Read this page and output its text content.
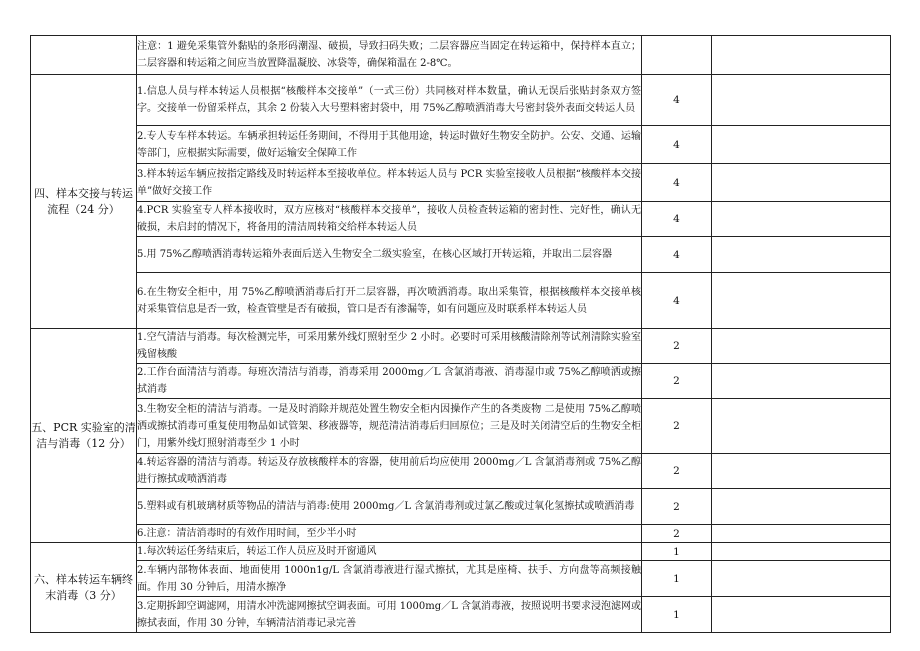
	注意：1 避免采集管外黏贴的条形码潮湿、破损，导致扫码失败；二层容器应当固定在转运箱中，保持样本直立；二层容器和转运箱之间应当放置降温凝胶、冰袋等，确保箱温在 2-8℃。		
四、样本交接与转运流程（24 分）	1.信息人员与样本转运人员根据“核酸样本交接单”（一式三份）共同核对样本数量，确认无误后张贴封条双方签字。交接单一份留采样点，其余 2 份装入大号塑料密封袋中，用 75%乙醇喷洒消毒大号密封袋外表面交转运人员	4	
	2.专人专车样本转运。车辆承担转运任务期间，不得用于其他用途，转运时做好生物安全防护。公安、交通、运输等部门，应根据实际需要，做好运输安全保障工作	4	
	3.样本转运车辆应按指定路线及时转运样本至接收单位。样本转运人员与 PCR 实验室接收人员根据“核酸样本交接单”做好交接工作	4	
	4.PCR 实验室专人样本接收时，双方应核对“核酸样本交接单”，接收人员检查转运箱的密封性、完好性，确认无破损，未启封的情况下，将备用的清洁周转箱交给样本转运人员	4	
	5.用 75%乙醇喷洒消毒转运箱外表面后送入生物安全二级实验室，在核心区域打开转运箱，并取出二层容器	4	
	6.在生物安全柜中，用 75%乙醇喷洒消毒后打开二层容器，再次喷洒消毒。取出采集管，根据核酸样本交接单核对采集管信息是否一致，检查管壁是否有破损，管口是否有渗漏等，如有问题应及时联系样本转运人员	4	
五、PCR 实验室的清洁与消毒（12 分）	1.空气清洁与消毒。每次检测完毕，可采用紫外线灯照射至少 2 小时。必要时可采用核酸清除剂等试剂清除实验室残留核酸	2	
	2.工作台面清洁与消毒。每班次清洁与消毒，消毒采用 2000mg／L 含氯消毒液、消毒湿巾或 75%乙醇喷洒或擦拭消毒	2	
	3.生物安全柜的清洁与消毒。一是及时消除并规范处置生物安全柜内因操作产生的各类废物 二是使用 75%乙醇喷洒或擦拭消毒可重复使用物品如试管架、移液器等，规范清洁消毒后归回原位；三是及时关闭清空后的生物安全柜门，用紫外线灯照射消毒至少 1 小时	2	
	4.转运容器的清洁与消毒。转运及存放核酸样本的容器，使用前后均应使用 2000mg／L 含氯消毒剂或 75%乙醇进行擦拭或喷洒消毒	2	
	5.塑料或有机玻璃材质等物品的清洁与消毒:使用 2000mg／L 含氯消毒剂或过氯乙酸或过氧化氢擦拭或喷洒消毒	2	
	6.注意：清洁消毒时的有效作用时间，至少半小时	2	
六、样本转运车辆终末消毒（3 分）	1.每次转运任务结束后，转运工作人员应及时开窗通风	1	
	2.车辆内部物体表面、地面使用 1000n1g/L 含氯消毒液进行湿式擦拭，尤其是座椅、扶手、方向盘等高频接触面。作用 30 分钟后，用清水擦净	1	
	3.定期拆卸空调滤网，用清水冲洗滤网擦拭空调表面。可用 1000mg／L 含氯消毒液，按照说明书要求浸泡滤网或擦拭表面，作用 30 分钟，车辆清洁消毒记录完善	1	
